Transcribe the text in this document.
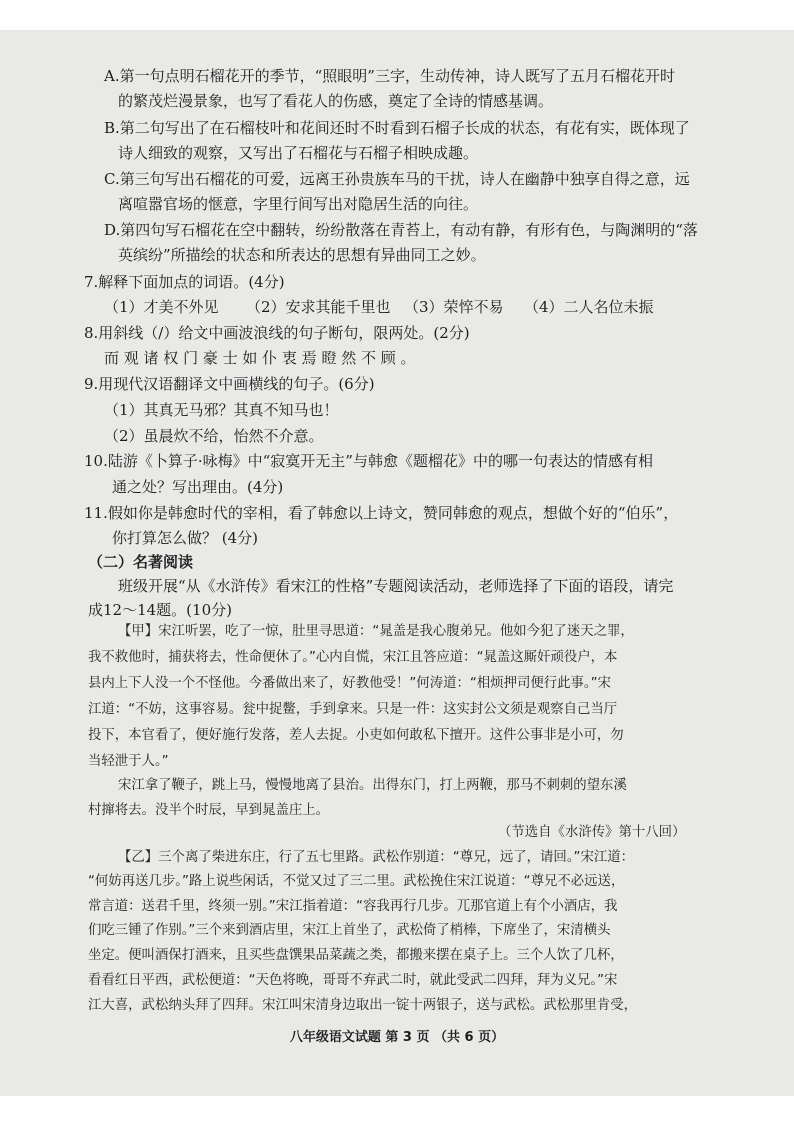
A.第一句点明石榴花开的季节，“照眼明”三字，生动传神，诗人既写了五月石榴花开时
的繁茂烂漫景象，也写了看花人的伤感，奠定了全诗的情感基调。
B.第二句写出了在石榴枝叶和花间还时不时看到石榴子长成的状态，有花有实，既体现了
诗人细致的观察，又写出了石榴花与石榴子相映成趣。
C.第三句写出石榴花的可爱，远离王孙贵族车马的干扰，诗人在幽静中独享自得之意，远
离喧嚣官场的惬意，字里行间写出对隐居生活的向往。
D.第四句写石榴花在空中翻转，纷纷散落在青苔上，有动有静，有形有色，与陶渊明的“落
英缤纷”所描绘的状态和所表达的思想有异曲同工之妙。
7.解释下面加点的词语。(4分)
（1）才美不外见 （2）安求其能千里也 （3）荣悴不易 （4）二人名位未振
8.用斜线（/）给文中画波浪线的句子断句，限两处。(2分)
而 观 诸 权 门 豪 士 如 仆 衷 焉 瞪 然 不 顾 。
9.用现代汉语翻译文中画横线的句子。(6分)
（1）其真无马邪？其真不知马也！
（2）虽晨炊不给，怡然不介意。
10.陆游《卜算子·咏梅》中“寂寞开无主”与韩愈《题榴花》中的哪一句表达的情感有相
通之处？写出理由。(4分)
11.假如你是韩愈时代的宰相，看了韩愈以上诗文，赞同韩愈的观点，想做个好的“伯乐”，
你打算怎么做？ (4分)
（二）名著阅读
班级开展“从《水浒传》看宋江的性格”专题阅读活动，老师选择了下面的语段，请完
成12～14题。(10分)
【甲】宋江听罢，吃了一惊，肚里寻思道：“晁盖是我心腹弟兄。他如今犯了迷天之罪，
我不救他时，捕获将去，性命便休了。”心内自慌，宋江且答应道：“晁盖这厮奸顽役户，本
县内上下人没一个不怪他。今番做出来了，好教他受！”何涛道：“相烦押司便行此事。”宋
江道：“不妨，这事容易。瓮中捉鳖，手到拿来。只是一件：这实封公文须是观察自己当厅
投下，本官看了，便好施行发落，差人去捉。小吏如何敢私下擅开。这件公事非是小可，勿
当轻泄于人。”
宋江拿了鞭子，跳上马，慢慢地离了县治。出得东门，打上两鞭，那马不刺刺的望东溪
村撺将去。没半个时辰，早到晁盖庄上。
（节选自《水浒传》第十八回）
【乙】三个离了柴进东庄，行了五七里路。武松作别道：“尊兄，远了，请回。”宋江道：
“何妨再送几步。”路上说些闲话，不觉又过了三二里。武松挽住宋江说道：“尊兄不必远送，
常言道：送君千里，终须一别。”宋江指着道：“容我再行几步。兀那官道上有个小酒店，我
们吃三锺了作别。”三个来到酒店里，宋江上首坐了，武松倚了梢棒，下席坐了，宋清横头
坐定。便叫酒保打酒来，且买些盘馔果品菜蔬之类，都搬来摆在桌子上。三个人饮了几杯，
看看红日平西，武松便道：“天色将晚，哥哥不弃武二时，就此受武二四拜，拜为义兄。”宋
江大喜，武松纳头拜了四拜。宋江叫宋清身边取出一锭十两银子，送与武松。武松那里肯受，
八年级语文试题 第 3 页 （共 6 页）
